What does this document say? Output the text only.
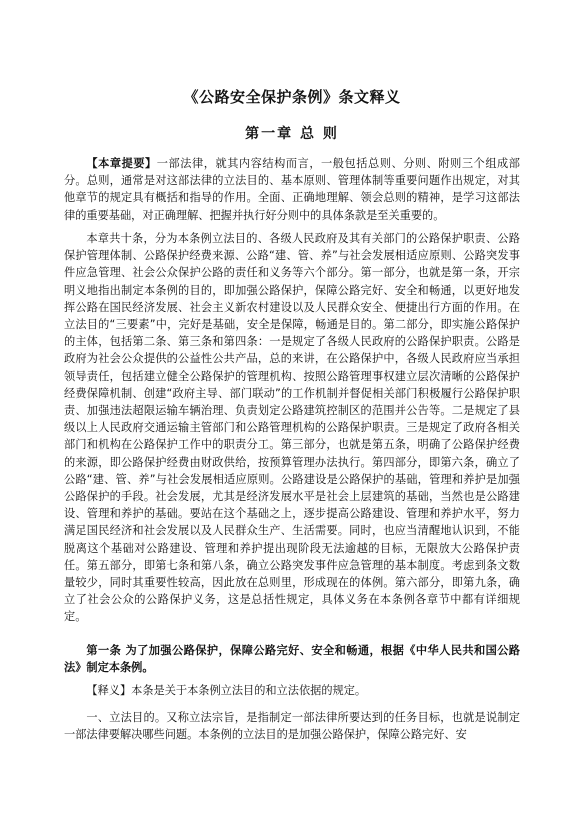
《公路安全保护条例》条文释义
第一章 总 则

【本章提要】一部法律，就其内容结构而言，一般包括总则、分则、附则三个组成部分。总则，通常是对这部法律的立法目的、基本原则、管理体制等重要问题作出规定，对其他章节的规定具有概括和指导的作用。全面、正确地理解、领会总则的精神，是学习这部法律的重要基础，对正确理解、把握并执行好分则中的具体条款是至关重要的。

本章共十条，分为本条例立法目的、各级人民政府及其有关部门的公路保护职责、公路保护管理体制、公路保护经费来源、公路“建、管、养”与社会发展相适应原则、公路突发事件应急管理、社会公众保护公路的责任和义务等六个部分。第一部分，也就是第一条，开宗明义地指出制定本条例的目的，即加强公路保护，保障公路完好、安全和畅通，以更好地发挥公路在国民经济发展、社会主义新农村建设以及人民群众安全、便捷出行方面的作用。在立法目的“三要素”中，完好是基础，安全是保障，畅通是目的。第二部分，即实施公路保护的主体，包括第二条、第三条和第四条：一是规定了各级人民政府的公路保护职责。公路是政府为社会公众提供的公益性公共产品，总的来讲，在公路保护中，各级人民政府应当承担领导责任，包括建立健全公路保护的管理机构、按照公路管理事权建立层次清晰的公路保护经费保障机制、创建“政府主导、部门联动”的工作机制并督促相关部门积极履行公路保护职责、加强违法超限运输车辆治理、负责划定公路建筑控制区的范围并公告等。二是规定了县级以上人民政府交通运输主管部门和公路管理机构的公路保护职责。三是规定了政府各相关部门和机构在公路保护工作中的职责分工。第三部分，也就是第五条，明确了公路保护经费的来源，即公路保护经费由财政供给，按预算管理办法执行。第四部分，即第六条，确立了公路“建、管、养”与社会发展相适应原则。公路建设是公路保护的基础，管理和养护是加强公路保护的手段。社会发展，尤其是经济发展水平是社会上层建筑的基础，当然也是公路建设、管理和养护的基础。要站在这个基础之上，逐步提高公路建设、管理和养护水平，努力满足国民经济和社会发展以及人民群众生产、生活需要。同时，也应当清醒地认识到，不能脱离这个基础对公路建设、管理和养护提出现阶段无法逾越的目标，无限放大公路保护责任。第五部分，即第七条和第八条，确立公路突发事件应急管理的基本制度。考虑到条文数量较少，同时其重要性较高，因此放在总则里，形成现在的体例。第六部分，即第九条，确立了社会公众的公路保护义务，这是总括性规定，具体义务在本条例各章节中都有详细规定。

第一条 为了加强公路保护，保障公路完好、安全和畅通，根据《中华人民共和国公路法》制定本条例。

【释义】本条是关于本条例立法目的和立法依据的规定。

一、立法目的。又称立法宗旨，是指制定一部法律所要达到的任务目标，也就是说制定一部法律要解决哪些问题。本条例的立法目的是加强公路保护，保障公路完好、安
